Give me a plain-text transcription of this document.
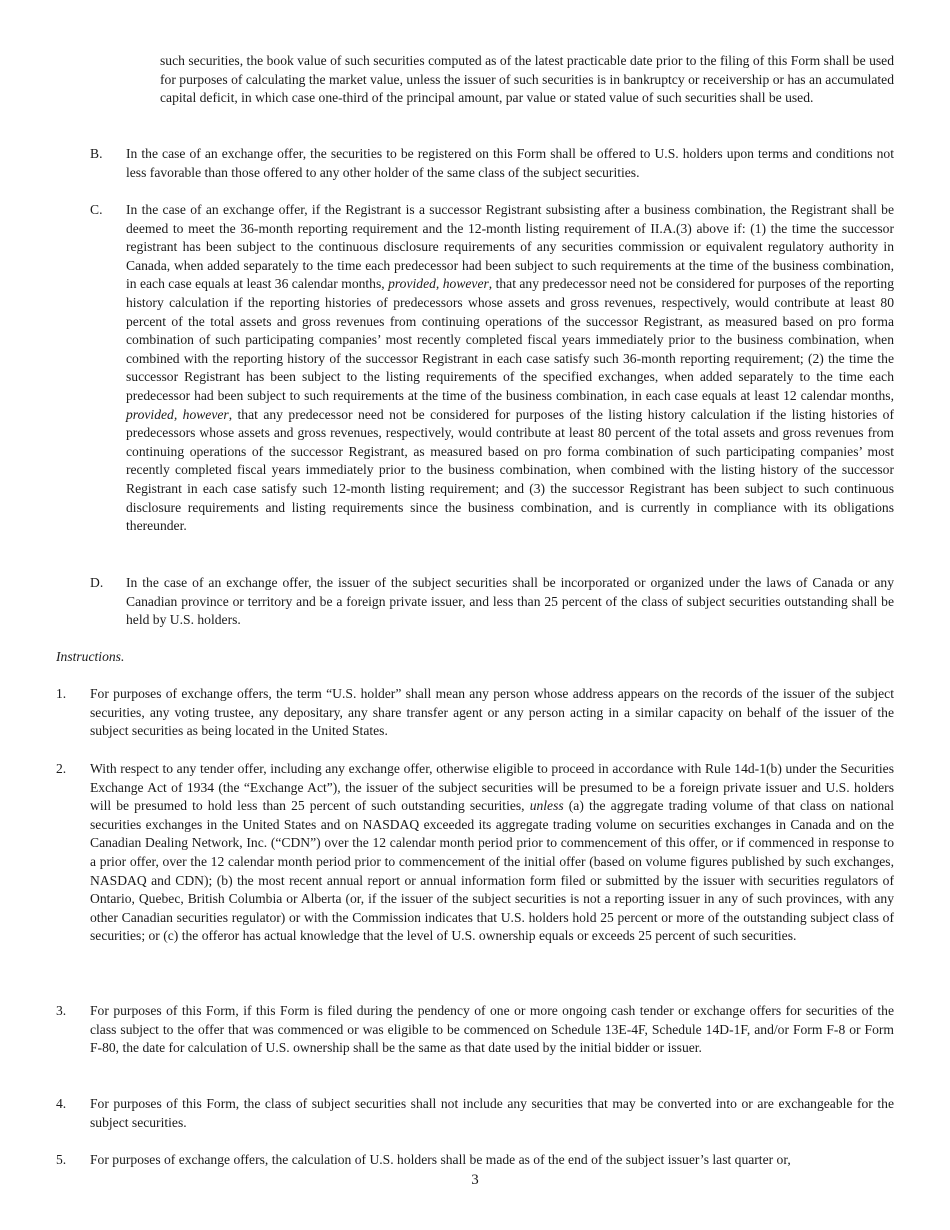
such securities, the book value of such securities computed as of the latest practicable date prior to the filing of this Form shall be used for purposes of calculating the market value, unless the issuer of such securities is in bankruptcy or receivership or has an accumulated capital deficit, in which case one-third of the principal amount, par value or stated value of such securities shall be used.

B. In the case of an exchange offer, the securities to be registered on this Form shall be offered to U.S. holders upon terms and conditions not less favorable than those offered to any other holder of the same class of the subject securities.

C. In the case of an exchange offer, if the Registrant is a successor Registrant subsisting after a business combination, the Registrant shall be deemed to meet the 36-month reporting requirement and the 12-month listing requirement of II.A.(3) above if: (1) the time the successor registrant has been subject to the continuous disclosure requirements of any securities commission or equivalent regulatory authority in Canada, when added separately to the time each predecessor had been subject to such requirements at the time of the business combination, in each case equals at least 36 calendar months, provided, however, that any predecessor need not be considered for purposes of the reporting history calculation if the reporting histories of predecessors whose assets and gross revenues, respectively, would contribute at least 80 percent of the total assets and gross revenues from continuing operations of the successor Registrant, as measured based on pro forma combination of such participating companies’ most recently completed fiscal years immediately prior to the business combination, when combined with the reporting history of the successor Registrant in each case satisfy such 36-month reporting requirement; (2) the time the successor Registrant has been subject to the listing requirements of the specified exchanges, when added separately to the time each predecessor had been subject to such requirements at the time of the business combination, in each case equals at least 12 calendar months, provided, however, that any predecessor need not be considered for purposes of the listing history calculation if the listing histories of predecessors whose assets and gross revenues, respectively, would contribute at least 80 percent of the total assets and gross revenues from continuing operations of the successor Registrant, as measured based on pro forma combination of such participating companies’ most recently completed fiscal years immediately prior to the business combination, when combined with the listing history of the successor Registrant in each case satisfy such 12-month listing requirement; and (3) the successor Registrant has been subject to such continuous disclosure requirements and listing requirements since the business combination, and is currently in compliance with its obligations thereunder.

D. In the case of an exchange offer, the issuer of the subject securities shall be incorporated or organized under the laws of Canada or any Canadian province or territory and be a foreign private issuer, and less than 25 percent of the class of subject securities outstanding shall be held by U.S. holders.

Instructions.
1. For purposes of exchange offers, the term “U.S. holder” shall mean any person whose address appears on the records of the issuer of the subject securities, any voting trustee, any depositary, any share transfer agent or any person acting in a similar capacity on behalf of the issuer of the subject securities as being located in the United States.

2. With respect to any tender offer, including any exchange offer, otherwise eligible to proceed in accordance with Rule 14d-1(b) under the Securities Exchange Act of 1934 (the “Exchange Act”), the issuer of the subject securities will be presumed to be a foreign private issuer and U.S. holders will be presumed to hold less than 25 percent of such outstanding securities, unless (a) the aggregate trading volume of that class on national securities exchanges in the United States and on NASDAQ exceeded its aggregate trading volume on securities exchanges in Canada and on the Canadian Dealing Network, Inc. (“CDN”) over the 12 calendar month period prior to commencement of this offer, or if commenced in response to a prior offer, over the 12 calendar month period prior to commencement of the initial offer (based on volume figures published by such exchanges, NASDAQ and CDN); (b) the most recent annual report or annual information form filed or submitted by the issuer with securities regulators of Ontario, Quebec, British Columbia or Alberta (or, if the issuer of the subject securities is not a reporting issuer in any of such provinces, with any other Canadian securities regulator) or with the Commission indicates that U.S. holders hold 25 percent or more of the outstanding subject class of securities; or (c) the offeror has actual knowledge that the level of U.S. ownership equals or exceeds 25 percent of such securities.

3. For purposes of this Form, if this Form is filed during the pendency of one or more ongoing cash tender or exchange offers for securities of the class subject to the offer that was commenced or was eligible to be commenced on Schedule 13E-4F, Schedule 14D-1F, and/or Form F-8 or Form F-80, the date for calculation of U.S. ownership shall be the same as that date used by the initial bidder or issuer.

4. For purposes of this Form, the class of subject securities shall not include any securities that may be converted into or are exchangeable for the subject securities.

5. For purposes of exchange offers, the calculation of U.S. holders shall be made as of the end of the subject issuer’s last quarter or,

3
